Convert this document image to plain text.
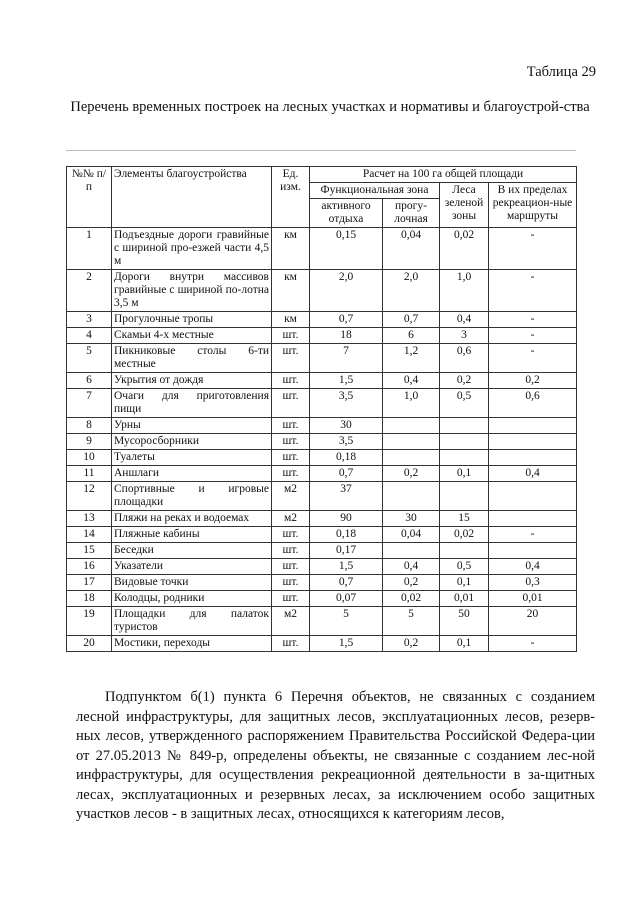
Таблица 29
Перечень временных построек на лесных участках и нормативы и благоустрой-ства
№№ п/п	Элементы благоустройства	Ед. изм.	Расчет на 100 га общей площади			
			Функциональная зона		Леса зеленой зоны	В их пределах рекреацион-ные маршруты
			активного отдыха	прогу-лочная		
1	Подъездные дороги гравийные с шириной про-езжей части 4,5 м	км	0,15	0,04	0,02	-
2	Дороги внутри массивов гравийные с шириной по-лотна 3,5 м	км	2,0	2,0	1,0	-
3	Прогулочные тропы	км	0,7	0,7	0,4	-
4	Скамьи 4-х местные	шт.	18	6	3	-
5	Пикниковые столы 6-ти местные	шт.	7	1,2	0,6	-
6	Укрытия от дождя	шт.	1,5	0,4	0,2	0,2
7	Очаги для приготовления пищи	шт.	3,5	1,0	0,5	0,6
8	Урны	шт.	30			
9	Мусоросборники	шт.	3,5			
10	Туалеты	шт.	0,18			
11	Аншлаги	шт.	0,7	0,2	0,1	0,4
12	Спортивные и игровые площадки	м2	37			
13	Пляжи на реках и водоемах	м2	90	30	15	
14	Пляжные кабины	шт.	0,18	0,04	0,02	-
15	Беседки	шт.	0,17			
16	Указатели	шт.	1,5	0,4	0,5	0,4
17	Видовые точки	шт.	0,7	0,2	0,1	0,3
18	Колодцы, родники	шт.	0,07	0,02	0,01	0,01
19	Площадки для палаток туристов	м2	5	5	50	20
20	Мостики, переходы	шт.	1,5	0,2	0,1	-
Подпунктом б(1) пункта 6 Перечня объектов, не связанных с созданием лесной инфраструктуры, для защитных лесов, эксплуатационных лесов, резерв-ных лесов, утвержденного распоряжением Правительства Российской Федера-ции от 27.05.2013 № 849-р, определены объекты, не связанные с созданием лес-ной инфраструктуры, для осуществления рекреационной деятельности в за-щитных лесах, эксплуатационных и резервных лесах, за исключением особо защитных участков лесов - в защитных лесах, относящихся к категориям лесов,
